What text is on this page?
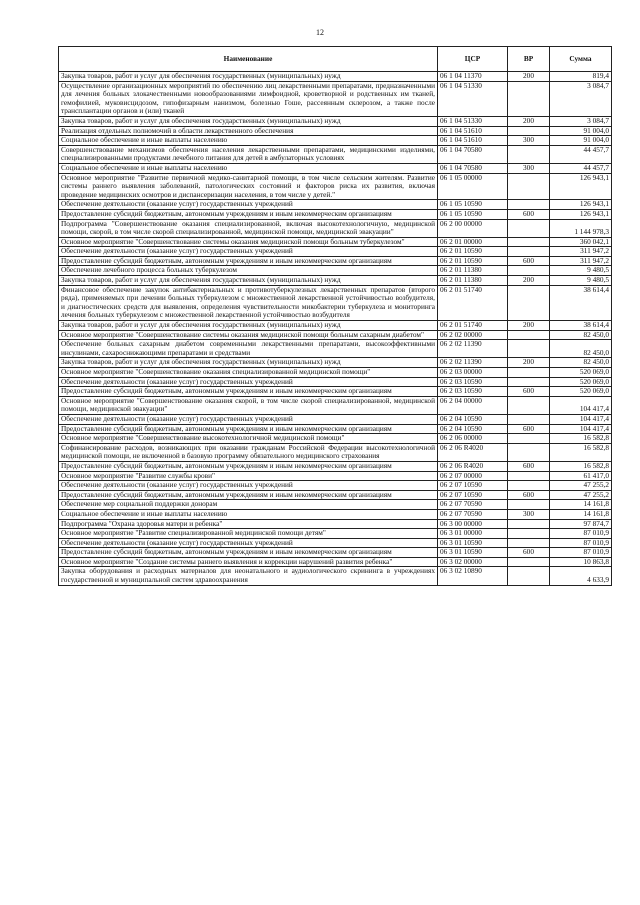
12
Наименование	ЦСР	ВР	Сумма
Закупка товаров, работ и услуг для обеспечения государственных (муниципальных) нужд	06 1 04 11370	200	819,4
Осуществление организационных мероприятий по обеспечению лиц лекарственными препаратами, предназначенными для лечения больных злокачественными новообразованиями лимфоидной, кроветворной и родственных им тканей, гемофилией, муковисцидозом, гипофизарным нанизмом, болезнью Гоше, рассеянным склерозом, а также после трансплантации органов и (или) тканей	06 1 04 51330		3 084,7
Закупка товаров, работ и услуг для обеспечения государственных (муниципальных) нужд	06 1 04 51330	200	3 084,7
Реализация отдельных полномочий в области лекарственного обеспечения	06 1 04 51610		91 004,0
Социальное обеспечение и иные выплаты населению	06 1 04 51610	300	91 004,0
Совершенствование механизмов обеспечения населения лекарственными препаратами, медицинскими изделиями, специализированными продуктами лечебного питания для детей в амбулаторных условиях	06 1 04 70580		44 457,7
Социальное обеспечение и иные выплаты населению	06 1 04 70580	300	44 457,7
Основное мероприятие "Развитие первичной медико-санитарной помощи, в том числе сельским жителям. Развитие системы раннего выявления заболеваний, патологических состояний и факторов риска их развития, включая проведение медицинских осмотров и диспансеризации населения, в том числе у детей."	06 1 05 00000		126 943,1
Обеспечение деятельности (оказание услуг) государственных учреждений	06 1 05 10590		126 943,1
Предоставление субсидий бюджетным, автономным учреждениям и иным некоммерческим организациям	06 1 05 10590	600	126 943,1
Подпрограмма "Совершенствование оказания специализированной, включая высокотехнологичную, медицинской помощи, скорой, в том числе скорой специализированной, медицинской помощи, медицинской эвакуации"	06 2 00 00000		1 144 978,3
Основное мероприятие "Совершенствование системы оказания медицинской помощи больным туберкулезом"	06 2 01 00000		360 042,1
Обеспечение деятельности (оказание услуг) государственных учреждений	06 2 01 10590		311 947,2
Предоставление субсидий бюджетным, автономным учреждениям и иным некоммерческим организациям	06 2 01 10590	600	311 947,2
Обеспечение лечебного процесса больных туберкулезом	06 2 01 11380		9 480,5
Закупка товаров, работ и услуг для обеспечения государственных (муниципальных) нужд	06 2 01 11380	200	9 480,5
Финансовое обеспечение закупок антибактериальных и противотуберкулезных лекарственных препаратов (второго ряда), применяемых при лечении больных туберкулезом с множественной лекарственной устойчивостью возбудителя, и диагностических средств для выявления, определения чувствительности микобактерии туберкулеза и мониторинга лечения больных туберкулезом с множественной лекарственной устойчивостью возбудителя	06 2 01 51740		38 614,4
Закупка товаров, работ и услуг для обеспечения государственных (муниципальных) нужд	06 2 01 51740	200	38 614,4
Основное мероприятие "Совершенствование системы оказания медицинской помощи больным сахарным диабетом"	06 2 02 00000		82 450,0
Обеспечение больных сахарным диабетом современными лекарственными препаратами, высокоэффективными инсулинами, сахароснижающими препаратами и средствами	06 2 02 11390		82 450,0
Закупка товаров, работ и услуг для обеспечения государственных (муниципальных) нужд	06 2 02 11390	200	82 450,0
Основное мероприятие "Совершенствование оказания специализированной медицинской помощи"	06 2 03 00000		520 069,0
Обеспечение деятельности (оказание услуг) государственных учреждений	06 2 03 10590		520 069,0
Предоставление субсидий бюджетным, автономным учреждениям и иным некоммерческим организациям	06 2 03 10590	600	520 069,0
Основное мероприятие "Совершенствование оказания скорой, в том числе скорой специализированной, медицинской помощи, медицинской эвакуации"	06 2 04 00000		104 417,4
Обеспечение деятельности (оказание услуг) государственных учреждений	06 2 04 10590		104 417,4
Предоставление субсидий бюджетным, автономным учреждениям и иным некоммерческим организациям	06 2 04 10590	600	104 417,4
Основное мероприятие "Совершенствование высокотехнологичной медицинской помощи"	06 2 06 00000		16 582,8
Софинансирование расходов, возникающих при оказании гражданам Российской Федерации высокотехнологичной медицинской помощи, не включенной в базовую программу обязательного медицинского страхования	06 2 06 R4020		16 582,8
Предоставление субсидий бюджетным, автономным учреждениям и иным некоммерческим организациям	06 2 06 R4020	600	16 582,8
Основное мероприятие "Развитие службы крови"	06 2 07 00000		61 417,0
Обеспечение деятельности (оказание услуг) государственных учреждений	06 2 07 10590		47 255,2
Предоставление субсидий бюджетным, автономным учреждениям и иным некоммерческим организациям	06 2 07 10590	600	47 255,2
Обеспечение мер социальной поддержки донорам	06 2 07 70590		14 161,8
Социальное обеспечение и иные выплаты населению	06 2 07 70590	300	14 161,8
Подпрограмма "Охрана здоровья матери и ребенка"	06 3 00 00000		97 874,7
Основное мероприятие "Развитие специализированной медицинской помощи детям"	06 3 01 00000		87 010,9
Обеспечение деятельности (оказание услуг) государственных учреждений	06 3 01 10590		87 010,9
Предоставление субсидий бюджетным, автономным учреждениям и иным некоммерческим организациям	06 3 01 10590	600	87 010,9
Основное мероприятие "Создание системы раннего выявления и коррекции нарушений развития ребенка"	06 3 02 00000		10 863,8
Закупка оборудования и расходных материалов для неонатального и аудиологического скрининга в учреждениях государственной и муниципальной систем здравоохранения	06 3 02 10890		4 633,9
